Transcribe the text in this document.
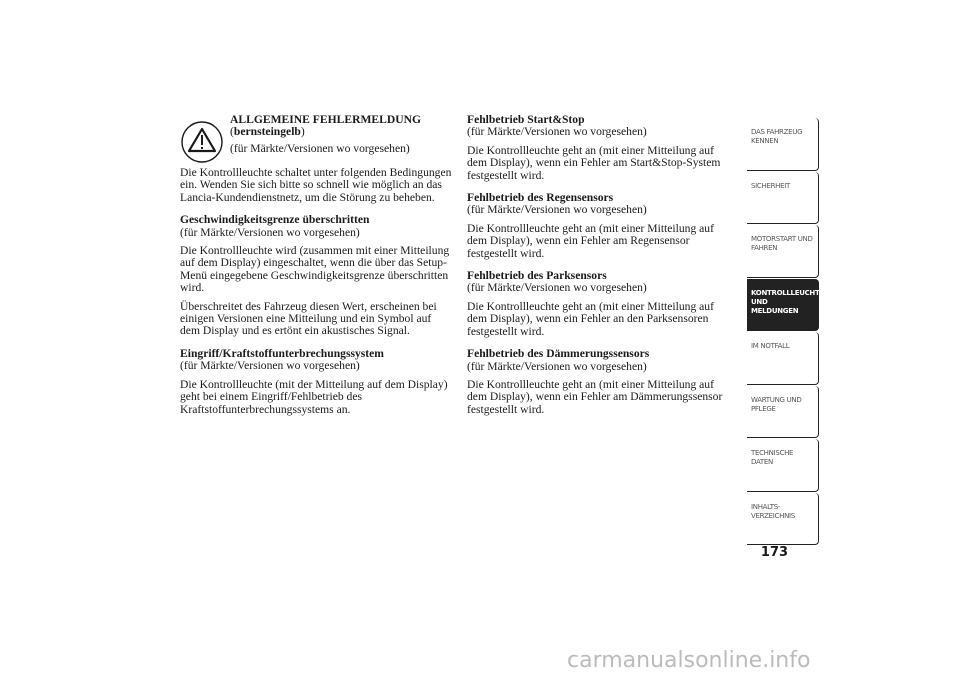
ALLGEMEINE FEHLERMELDUNG
(bernsteingelb)
(für Märkte/Versionen wo vorgesehen)

Die Kontrollleuchte schaltet unter folgenden Bedingungen ein. Wenden Sie sich bitte so schnell wie möglich an das Lancia-Kundendienstnetz, um die Störung zu beheben.

Geschwindigkeitsgrenze überschritten
(für Märkte/Versionen wo vorgesehen)

Die Kontrollleuchte wird (zusammen mit einer Mitteilung auf dem Display) eingeschaltet, wenn die über das Setup-Menü eingegebene Geschwindigkeitsgrenze überschritten wird.

Überschreitet des Fahrzeug diesen Wert, erscheinen bei einigen Versionen eine Mitteilung und ein Symbol auf dem Display und es ertönt ein akustisches Signal.

Eingriff/Kraftstoffunterbrechungssystem
(für Märkte/Versionen wo vorgesehen)

Die Kontrollleuchte (mit der Mitteilung auf dem Display) geht bei einem Eingriff/Fehlbetrieb des Kraftstoffunterbrechungssystems an.

Fehlbetrieb Start&Stop
(für Märkte/Versionen wo vorgesehen)

Die Kontrollleuchte geht an (mit einer Mitteilung auf dem Display), wenn ein Fehler am Start&Stop-System festgestellt wird.

Fehlbetrieb des Regensensors
(für Märkte/Versionen wo vorgesehen)

Die Kontrollleuchte geht an (mit einer Mitteilung auf dem Display), wenn ein Fehler am Regensensor festgestellt wird.

Fehlbetrieb des Parksensors
(für Märkte/Versionen wo vorgesehen)

Die Kontrollleuchte geht an (mit einer Mitteilung auf dem Display), wenn ein Fehler an den Parksensoren festgestellt wird.

Fehlbetrieb des Dämmerungssensors
(für Märkte/Versionen wo vorgesehen)

Die Kontrollleuchte geht an (mit einer Mitteilung auf dem Display), wenn ein Fehler am Dämmerungssensor festgestellt wird.

DAS FAHRZEUG
KENNEN
SICHERHEIT
MOTORSTART UND
FAHREN
KONTROLLLEUCHTEN
UND MELDUNGEN
IM NOTFALL
WARTUNG UND
PFLEGE
TECHNISCHE
DATEN
INHALTS-
VERZEICHNIS
173
carmanualsonline.info
